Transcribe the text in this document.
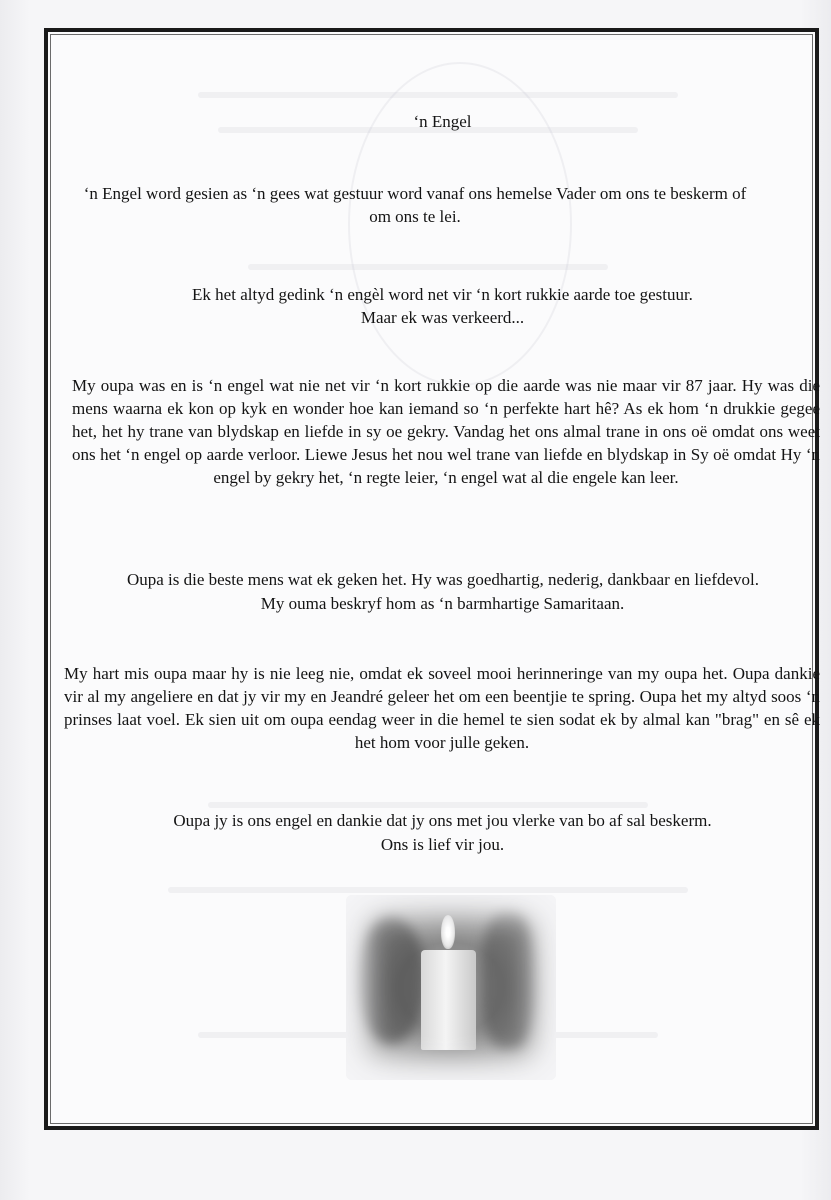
‘n Engel

‘n Engel word gesien as ‘n gees wat gestuur word vanaf ons hemelse Vader om ons te beskerm of om ons te lei.

Ek het altyd gedink ‘n engèl word net vir ‘n kort rukkie aarde toe gestuur.

Maar ek was verkeerd...

My oupa was en is ‘n engel wat nie net vir ‘n kort rukkie op die aarde was nie maar vir 87 jaar. Hy was die mens waarna ek kon op kyk en wonder hoe kan iemand so ‘n perfekte hart hê? As ek hom ‘n drukkie gegee het, het hy trane van blydskap en liefde in sy oe gekry. Vandag het ons almal trane in ons oë omdat ons weet ons het ‘n engel op aarde verloor. Liewe Jesus het nou wel trane van liefde en blydskap in Sy oë omdat Hy ‘n engel by gekry het, ‘n regte leier, ‘n engel wat al die engele kan leer.

Oupa is die beste mens wat ek geken het. Hy was goedhartig, nederig, dankbaar en liefdevol.

My ouma beskryf hom as ‘n barmhartige Samaritaan.

My hart mis oupa maar hy is nie leeg nie, omdat ek soveel mooi herinneringe van my oupa het. Oupa dankie vir al my angeliere en dat jy vir my en Jeandré geleer het om een beentjie te spring. Oupa het my altyd soos ‘n prinses laat voel. Ek sien uit om oupa eendag weer in die hemel te sien sodat ek by almal kan "brag" en sê ek het hom voor julle geken.

Oupa jy is ons engel en dankie dat jy ons met jou vlerke van bo af sal beskerm.

Ons is lief vir jou.
